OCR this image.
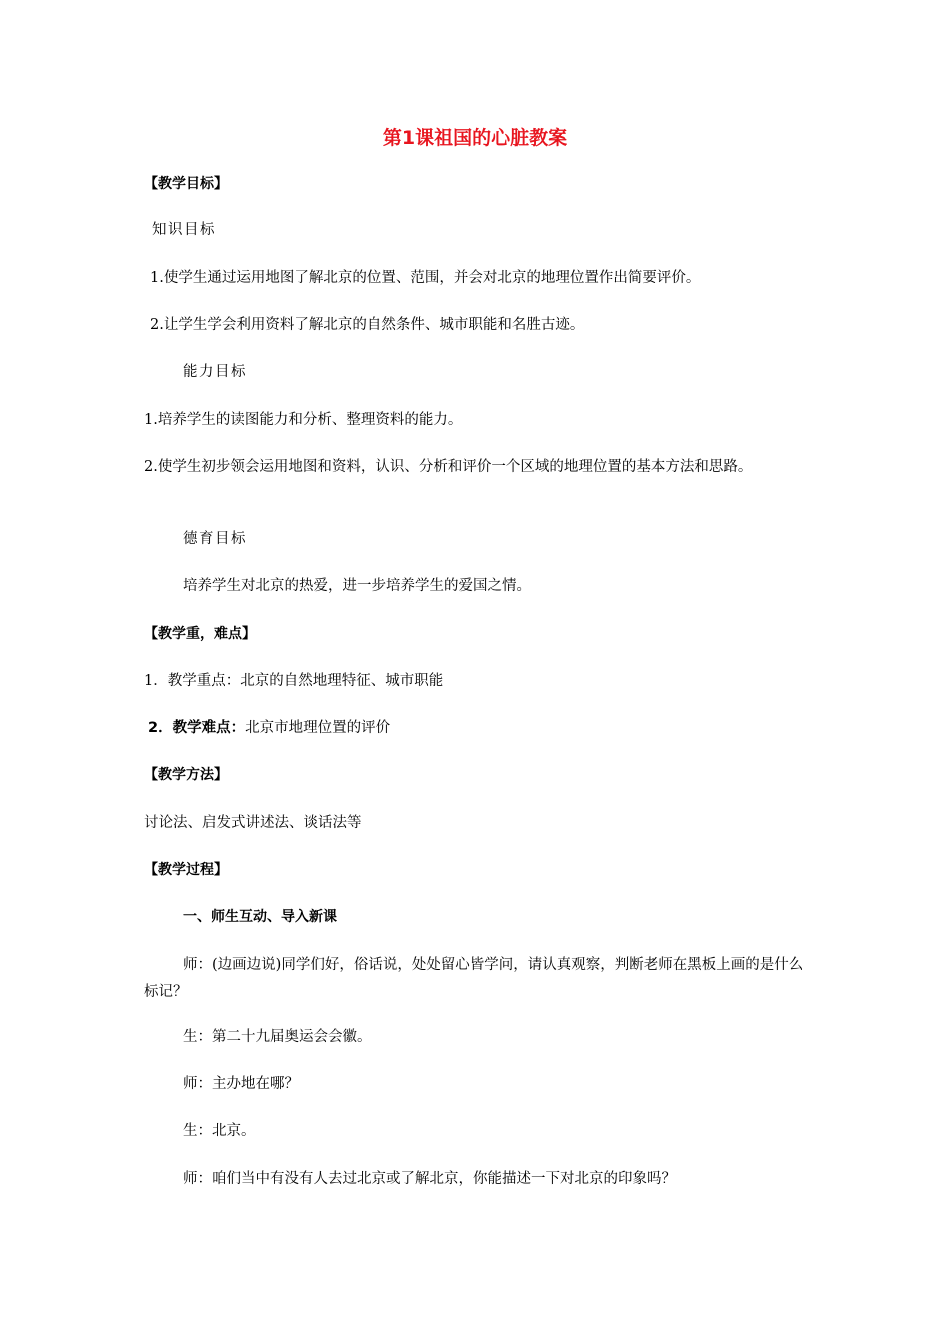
第1课祖国的心脏教案
【教学目标】
知识目标
1.使学生通过运用地图了解北京的位置、范围，并会对北京的地理位置作出简要评价。
2.让学生学会利用资料了解北京的自然条件、城市职能和名胜古迹。
能力目标
1.培养学生的读图能力和分析、整理资料的能力。
2.使学生初步领会运用地图和资料，认识、分析和评价一个区域的地理位置的基本方法和思路。
德育目标
培养学生对北京的热爱，进一步培养学生的爱国之情。
【教学重，难点】
1．教学重点：北京的自然地理特征、城市职能
2．教学难点：北京市地理位置的评价
【教学方法】
讨论法、启发式讲述法、谈话法等
【教学过程】
一、师生互动、导入新课
师：(边画边说)同学们好，俗话说，处处留心皆学问，请认真观察，判断老师在黑板上画的是什么标记？
生：第二十九届奥运会会徽。
师：主办地在哪？
生：北京。
师：咱们当中有没有人去过北京或了解北京，你能描述一下对北京的印象吗？
